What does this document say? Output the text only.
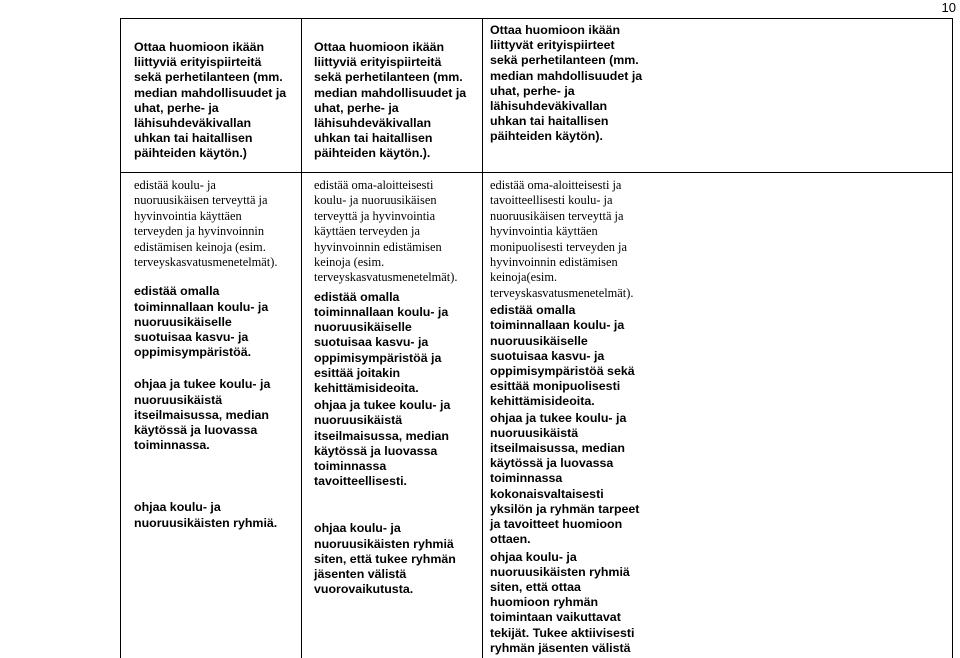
10

Ottaa huomioon ikään
liittyviä erityispiirteitä
sekä perhetilanteen (mm.
median mahdollisuudet ja
uhat, perhe- ja
lähisuhdeväkivallan
uhkan tai haitallisen
päihteiden käytön.)

Ottaa huomioon ikään
liittyviä erityispiirteitä
sekä perhetilanteen (mm.
median mahdollisuudet ja
uhat, perhe- ja
lähisuhdeväkivallan
uhkan tai haitallisen
päihteiden käytön.).

Ottaa huomioon ikään
liittyvät erityispiirteet
sekä perhetilanteen (mm.
median mahdollisuudet ja
uhat, perhe- ja
lähisuhdeväkivallan
uhkan tai haitallisen
päihteiden käytön).

edistää koulu- ja
nuoruusikäisen terveyttä ja
hyvinvointia käyttäen
terveyden ja hyvinvoinnin
edistämisen keinoja (esim.
terveyskasvatusmenetelmät).

edistää omalla
toiminnallaan koulu- ja
nuoruusikäiselle
suotuisaa kasvu- ja
oppimisympäristöä.

ohjaa ja tukee koulu- ja
nuoruusikäistä
itseilmaisussa, median
käytössä ja luovassa
toiminnassa.

ohjaa koulu- ja
nuoruusikäisten ryhmiä.

edistää oma-aloitteisesti
koulu- ja nuoruusikäisen
terveyttä ja hyvinvointia
käyttäen terveyden ja
hyvinvoinnin edistämisen
keinoja (esim.
terveyskasvatusmenetelmät).

edistää omalla
toiminnallaan koulu- ja
nuoruusikäiselle
suotuisaa kasvu- ja
oppimisympäristöä ja
esittää joitakin
kehittämisideoita.

ohjaa ja tukee koulu- ja
nuoruusikäistä
itseilmaisussa, median
käytössä ja luovassa
toiminnassa
tavoitteellisesti.

ohjaa koulu- ja
nuoruusikäisten ryhmiä
siten, että tukee ryhmän
jäsenten välistä
vuorovaikutusta.

edistää oma-aloitteisesti ja
tavoitteellisesti koulu- ja
nuoruusikäisen terveyttä ja
hyvinvointia käyttäen
monipuolisesti terveyden ja
hyvinvoinnin edistämisen
keinoja(esim.
terveyskasvatusmenetelmät).

edistää omalla
toiminnallaan koulu- ja
nuoruusikäiselle
suotuisaa kasvu- ja
oppimisympäristöä sekä
esittää monipuolisesti
kehittämisideoita.

ohjaa ja tukee koulu- ja
nuoruusikäistä
itseilmaisussa, median
käytössä ja luovassa
toiminnassa
kokonaisvaltaisesti
yksilön ja ryhmän tarpeet
ja tavoitteet huomioon
ottaen.

ohjaa koulu- ja
nuoruusikäisten ryhmiä
siten, että ottaa
huomioon ryhmän
toimintaan vaikuttavat
tekijät. Tukee aktiivisesti
ryhmän jäsenten välistä
